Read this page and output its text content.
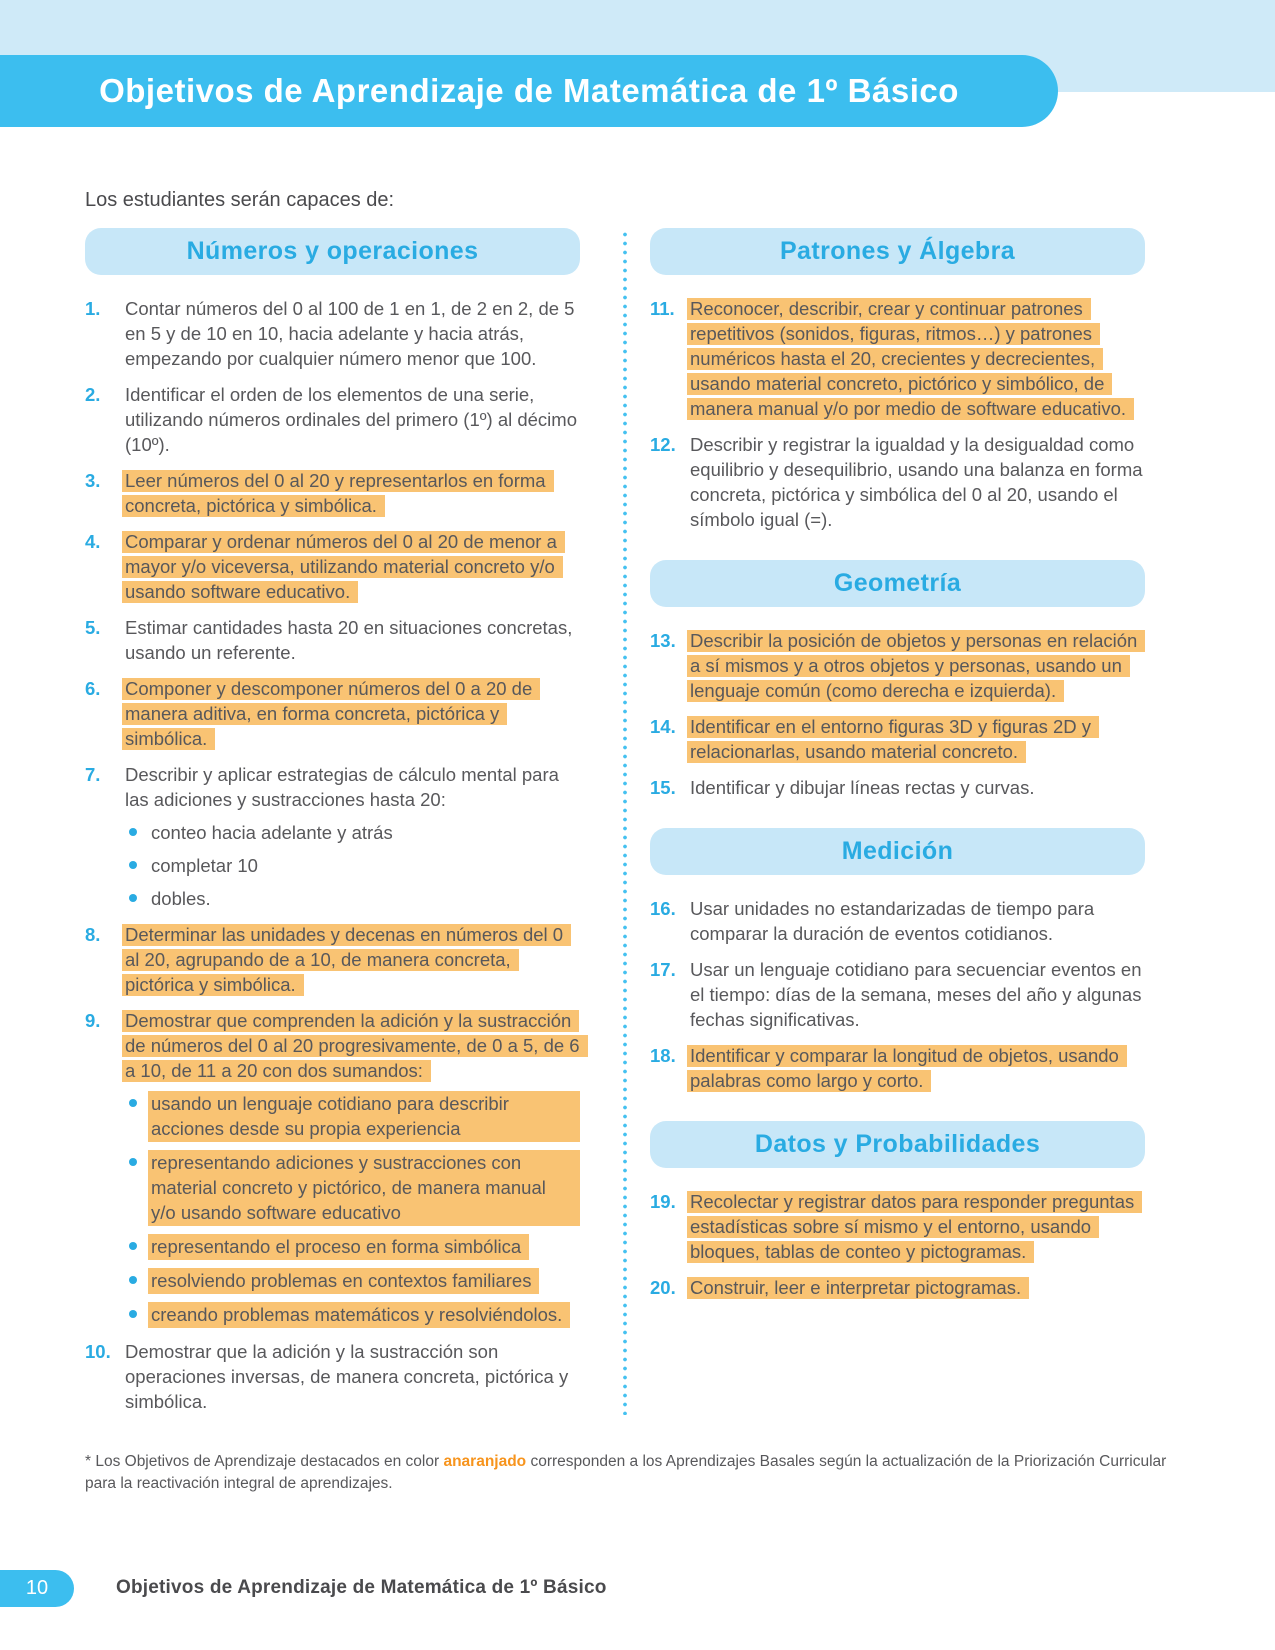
Objetivos de Aprendizaje de Matemática de 1º Básico

Los estudiantes serán capaces de:

Números y operaciones
1.	Contar números del 0 al 100 de 1 en 1, de 2 en 2, de 5 en 5 y de 10 en 10, hacia adelante y hacia atrás, empezando por cualquier número menor que 100.
2.	Identificar el orden de los elementos de una serie, utilizando números ordinales del primero (1º) al décimo (10º).
3.	Leer números del 0 al 20 y representarlos en forma concreta, pictórica y simbólica.
4.	Comparar y ordenar números del 0 al 20 de menor a mayor y/o viceversa, utilizando material concreto y/o usando software educativo.
5.	Estimar cantidades hasta 20 en situaciones concretas, usando un referente.
6.	Componer y descomponer números del 0 a 20 de manera aditiva, en forma concreta, pictórica y simbólica.
7.	Describir y aplicar estrategias de cálculo mental para las adiciones y sustracciones hasta 20:
conteo hacia adelante y atrás
completar 10
dobles.
8.	Determinar las unidades y decenas en números del 0 al 20, agrupando de a 10, de manera concreta, pictórica y simbólica.
9.	Demostrar que comprenden la adición y la sustracción de números del 0 al 20 progresivamente, de 0 a 5, de 6 a 10, de 11 a 20 con dos sumandos:
usando un lenguaje cotidiano para describir acciones desde su propia experiencia
representando adiciones y sustracciones con material concreto y pictórico, de manera manual y/o usando software educativo
representando el proceso en forma simbólica
resolviendo problemas en contextos familiares
creando problemas matemáticos y resolviéndolos.
10. Demostrar que la adición y la sustracción son operaciones inversas, de manera concreta, pictórica y simbólica.
Patrones y Álgebra
11. Reconocer, describir, crear y continuar patrones repetitivos (sonidos, figuras, ritmos…) y patrones numéricos hasta el 20, crecientes y decrecientes, usando material concreto, pictórico y simbólico, de manera manual y/o por medio de software educativo.
12. Describir y registrar la igualdad y la desigualdad como equilibrio y desequilibrio, usando una balanza en forma concreta, pictórica y simbólica del 0 al 20, usando el símbolo igual (=).
Geometría
13. Describir la posición de objetos y personas en relación a sí mismos y a otros objetos y personas, usando un lenguaje común (como derecha e izquierda).
14. Identificar en el entorno figuras 3D y figuras 2D y relacionarlas, usando material concreto.
15. Identificar y dibujar líneas rectas y curvas.
Medición
16. Usar unidades no estandarizadas de tiempo para comparar la duración de eventos cotidianos.
17. Usar un lenguaje cotidiano para secuenciar eventos en el tiempo: días de la semana, meses del año y algunas fechas significativas.
18. Identificar y comparar la longitud de objetos, usando palabras como largo y corto.
Datos y Probabilidades
19. Recolectar y registrar datos para responder preguntas estadísticas sobre sí mismo y el entorno, usando bloques, tablas de conteo y pictogramas.
20. Construir, leer e interpretar pictogramas.

* Los Objetivos de Aprendizaje destacados en color anaranjado corresponden a los Aprendizajes Basales según la actualización de la Priorización Curricular para la reactivación integral de aprendizajes.

10	Objetivos de Aprendizaje de Matemática de 1º Básico
